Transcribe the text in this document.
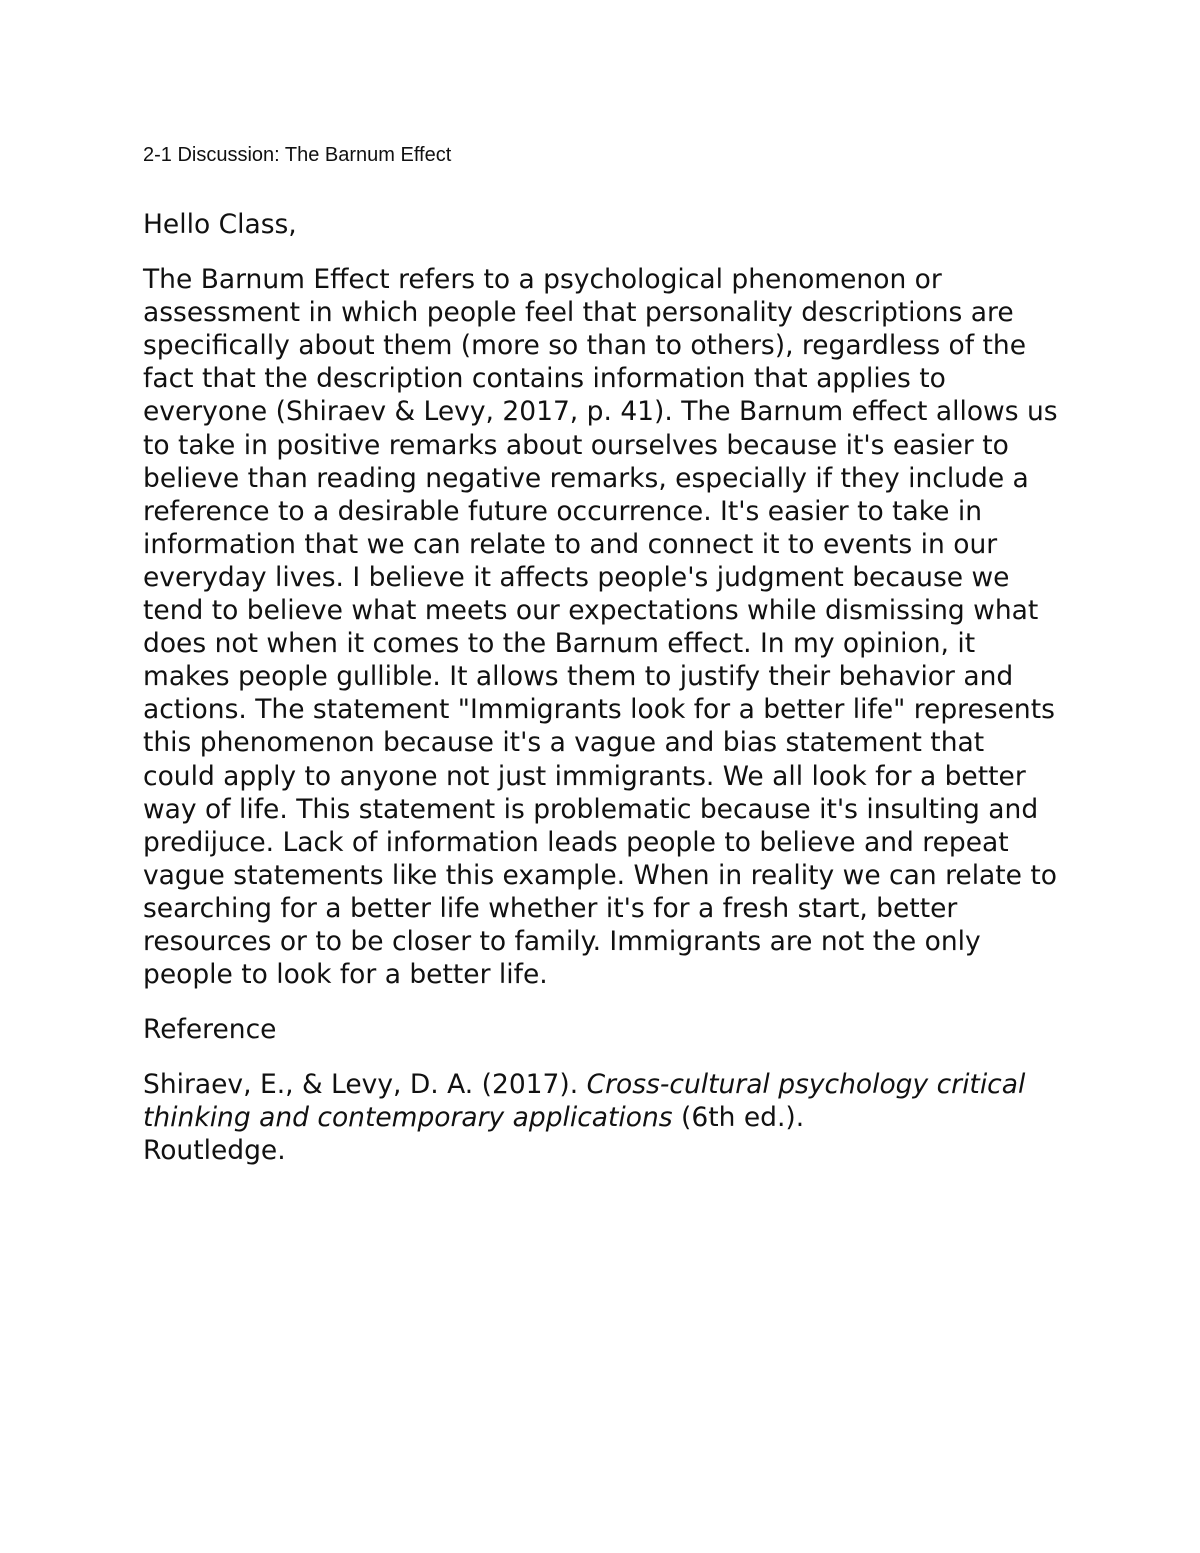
2-1 Discussion: The Barnum Effect

Hello Class,

The Barnum Effect refers to a psychological phenomenon or assessment in which people feel that personality descriptions are specifically about them (more so than to others), regardless of the fact that the description contains information that applies to everyone (Shiraev & Levy, 2017, p. 41). The Barnum effect allows us to take in positive remarks about ourselves because it's easier to believe than reading negative remarks, especially if they include a reference to a desirable future occurrence. It's easier to take in information that we can relate to and connect it to events in our everyday lives. I believe it affects people's judgment because we tend to believe what meets our expectations while dismissing what does not when it comes to the Barnum effect. In my opinion, it makes people gullible. It allows them to justify their behavior and actions. The statement "Immigrants look for a better life" represents this phenomenon because it's a vague and bias statement that could apply to anyone not just immigrants. We all look for a better way of life. This statement is problematic because it's insulting and predijuce. Lack of information leads people to believe and repeat vague statements like this example. When in reality we can relate to searching for a better life whether it's for a fresh start, better resources or to be closer to family. Immigrants are not the only people to look for a better life.

Reference

Shiraev, E., & Levy, D. A. (2017). Cross-cultural psychology critical thinking and contemporary applications (6th ed.).
Routledge.
